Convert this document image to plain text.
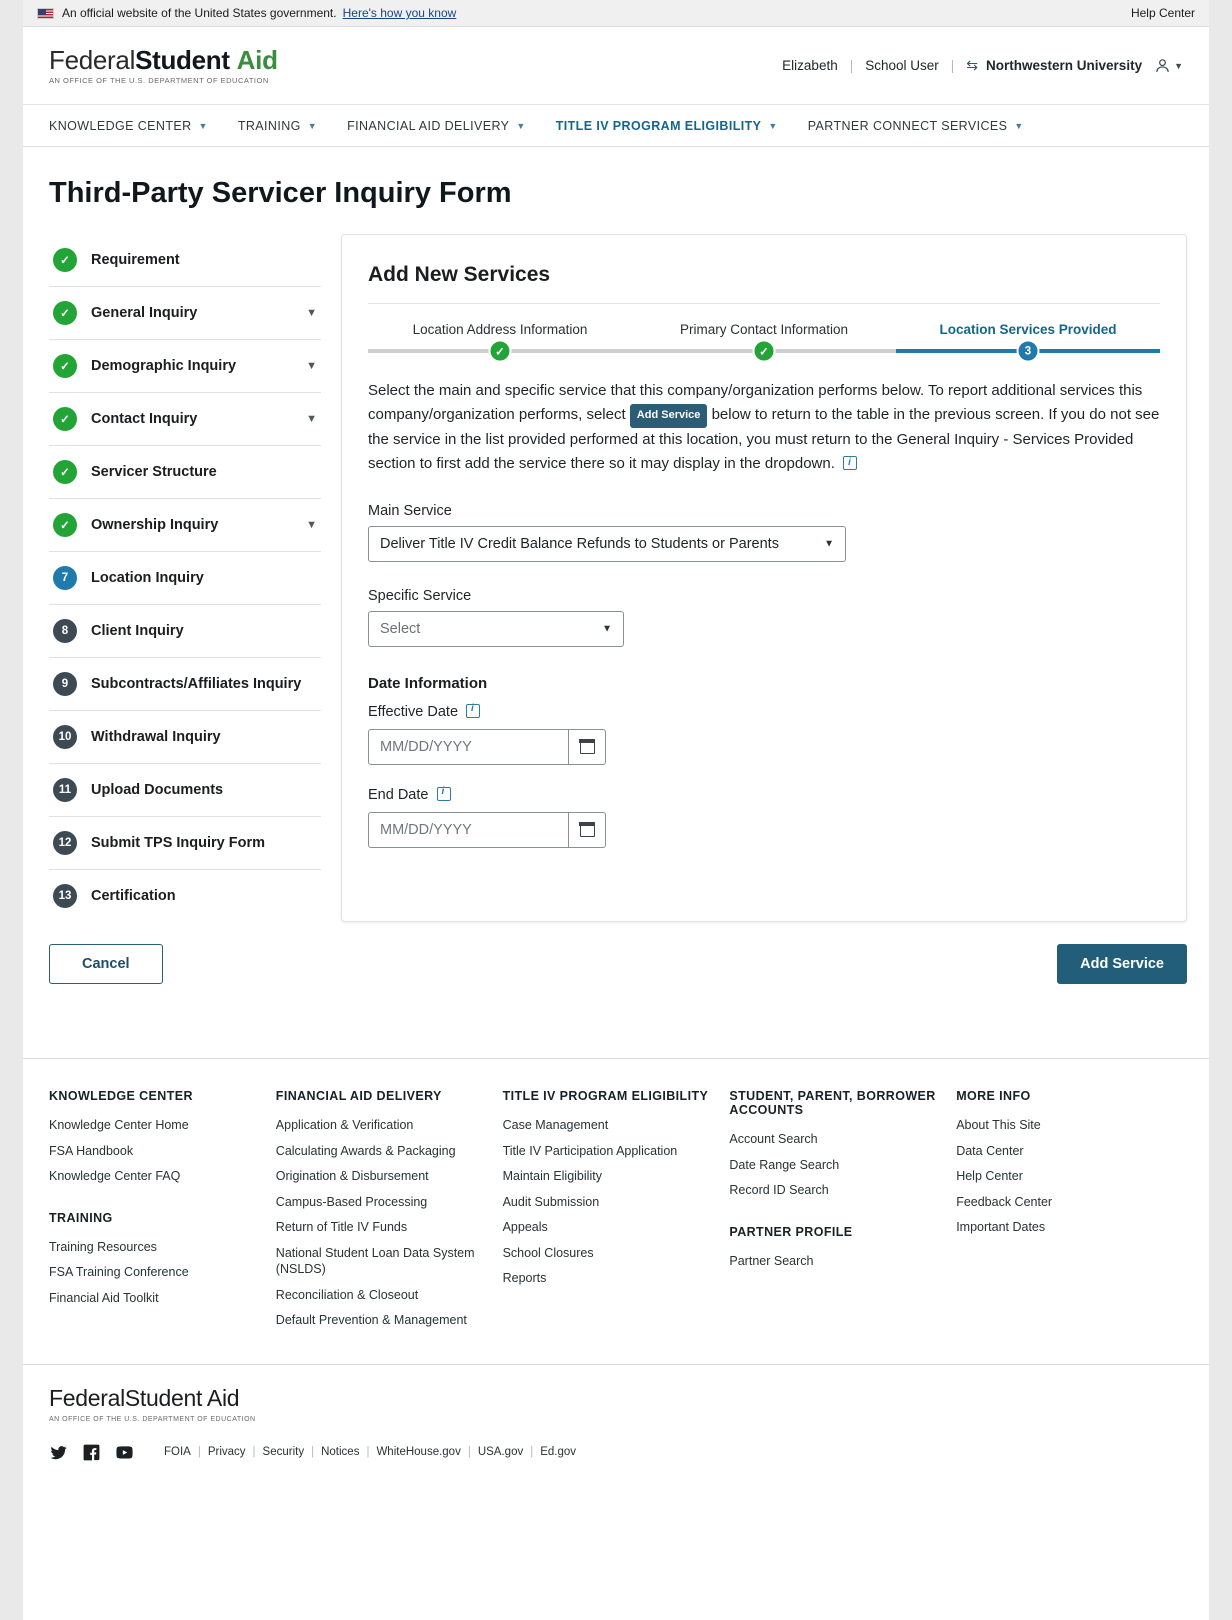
An official website of the United States government. Here's how you know	Help Center
FederalStudent Aid
AN OFFICE OF THE U.S. DEPARTMENT OF EDUCATION
Elizabeth | School User | ⇆ Northwestern University	▼
KNOWLEDGE CENTER ▼ TRAINING ▼ FINANCIAL AID DELIVERY ▼ TITLE IV PROGRAM ELIGIBILITY ▼ PARTNER CONNECT SERVICES ▼
Third-Party Servicer Inquiry Form
✓	Requirement
✓	General Inquiry	▼
✓	Demographic Inquiry	▼
✓	Contact Inquiry	▼
✓	Servicer Structure
✓	Ownership Inquiry	▼
7	Location Inquiry
8	Client Inquiry
9	Subcontracts/Affiliates Inquiry
10	Withdrawal Inquiry
11	Upload Documents
12	Submit TPS Inquiry Form
13	Certification
Add New Services
Location Address Information
✓
Primary Contact Information
✓
Location Services Provided
3
Select the main and specific service that this company/organization performs below. To report additional services this company/organization performs, select Add Service below to return to the table in the previous screen. If you do not see the service in the list provided performed at this location, you must return to the General Inquiry - Services Provided section to first add the service there so it may display in the dropdown. i
Main Service
Deliver Title IV Credit Balance Refunds to Students or Parents	▼
Specific Service
Select	▼
Date Information
Effective Date i
MM/DD/YYYY
End Date i
MM/DD/YYYY
Cancel	Add Service
KNOWLEDGE CENTER
Knowledge Center Home
FSA Handbook
Knowledge Center FAQ
TRAINING
Training Resources
FSA Training Conference
Financial Aid Toolkit
FINANCIAL AID DELIVERY
Application & Verification
Calculating Awards & Packaging
Origination & Disbursement
Campus-Based Processing
Return of Title IV Funds
National Student Loan Data System (NSLDS)
Reconciliation & Closeout
Default Prevention & Management
TITLE IV PROGRAM ELIGIBILITY
Case Management
Title IV Participation Application
Maintain Eligibility
Audit Submission
Appeals
School Closures
Reports
STUDENT, PARENT, BORROWER ACCOUNTS
Account Search
Date Range Search
Record ID Search
PARTNER PROFILE
Partner Search
MORE INFO
About This Site
Data Center
Help Center
Feedback Center
Important Dates
FederalStudent Aid
AN OFFICE OF THE U.S. DEPARTMENT OF EDUCATION
FOIA | Privacy | Security | Notices | WhiteHouse.gov | USA.gov | Ed.gov
